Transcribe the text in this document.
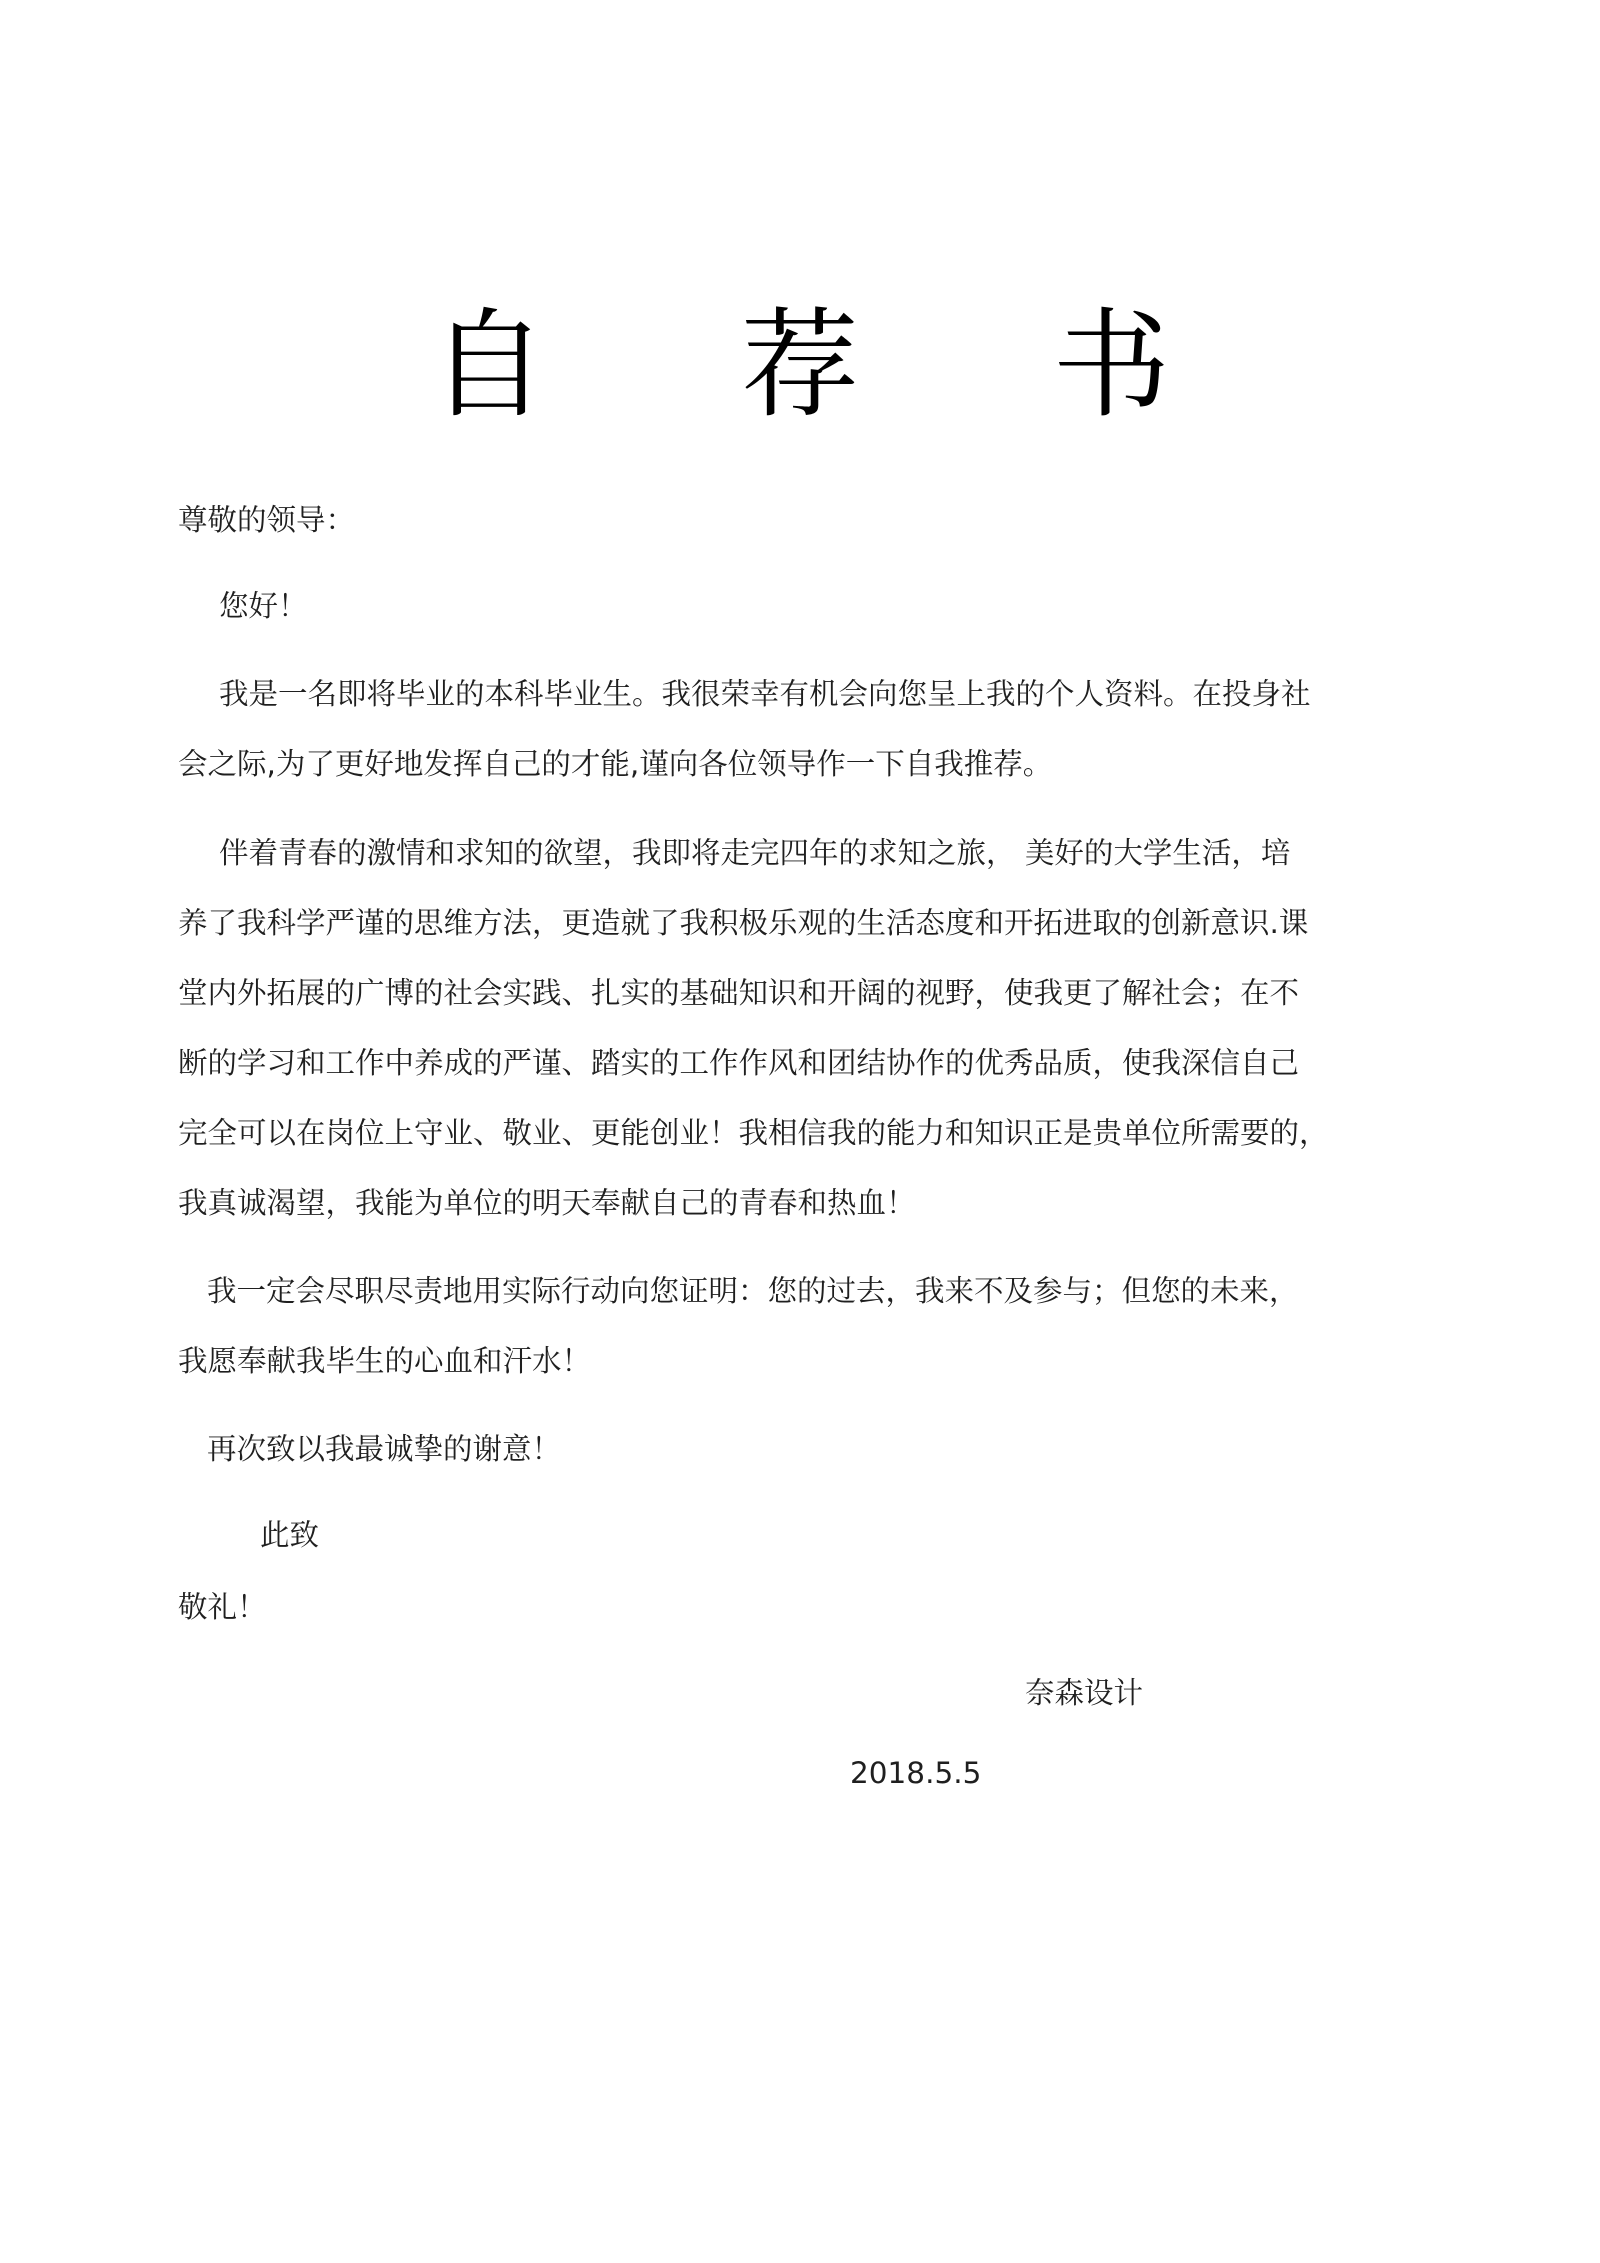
自 荐 书
尊敬的领导：
您好！

我是一名即将毕业的本科毕业生。我很荣幸有机会向您呈上我的个人资料。在投身社
会之际,为了更好地发挥自己的才能,谨向各位领导作一下自我推荐。

伴着青春的激情和求知的欲望，我即将走完四年的求知之旅， 美好的大学生活，培
养了我科学严谨的思维方法，更造就了我积极乐观的生活态度和开拓进取的创新意识.课
堂内外拓展的广博的社会实践、扎实的基础知识和开阔的视野，使我更了解社会；在不
断的学习和工作中养成的严谨、踏实的工作作风和团结协作的优秀品质，使我深信自己
完全可以在岗位上守业、敬业、更能创业！我相信我的能力和知识正是贵单位所需要的，
我真诚渴望，我能为单位的明天奉献自己的青春和热血！

我一定会尽职尽责地用实际行动向您证明：您的过去，我来不及参与；但您的未来，
我愿奉献我毕生的心血和汗水！

再次致以我最诚挚的谢意！
此致
敬礼！
奈森设计
2018.5.5
